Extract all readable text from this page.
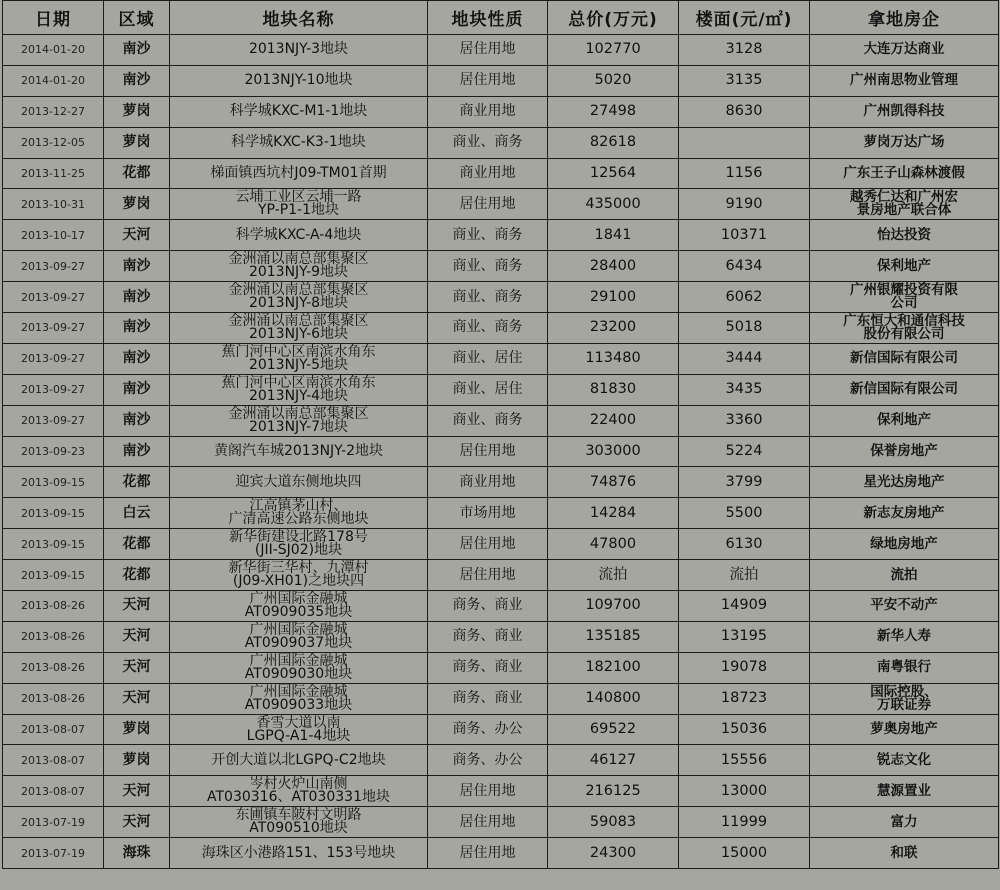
日期	区域	地块名称	地块性质	总价(万元)	楼面(元/㎡)	拿地房企
2014-01-20	南沙	2013NJY-3地块	居住用地	102770	3128	大连万达商业
2014-01-20	南沙	2013NJY-10地块	居住用地	5020	3135	广州南思物业管理
2013-12-27	萝岗	科学城KXC-M1-1地块	商业用地	27498	8630	广州凯得科技
2013-12-05	萝岗	科学城KXC-K3-1地块	商业、商务	82618		萝岗万达广场
2013-11-25	花都	梯面镇西坑村J09-TM01首期	商业用地	12564	1156	广东王子山森林渡假
2013-10-31	萝岗	云埔工业区云埔一路
YP-P1-1地块	居住用地	435000	9190	越秀仁达和广州宏
景房地产联合体
2013-10-17	天河	科学城KXC-A-4地块	商业、商务	1841	10371	怡达投资
2013-09-27	南沙	金洲涌以南总部集聚区
2013NJY-9地块	商业、商务	28400	6434	保利地产
2013-09-27	南沙	金洲涌以南总部集聚区
2013NJY-8地块	商业、商务	29100	6062	广州银耀投资有限
公司
2013-09-27	南沙	金洲涌以南总部集聚区
2013NJY-6地块	商业、商务	23200	5018	广东恒大和通信科技
股份有限公司
2013-09-27	南沙	蕉门河中心区南滨水角东
2013NJY-5地块	商业、居住	113480	3444	新信国际有限公司
2013-09-27	南沙	蕉门河中心区南滨水角东
2013NJY-4地块	商业、居住	81830	3435	新信国际有限公司
2013-09-27	南沙	金洲涌以南总部集聚区
2013NJY-7地块	商业、商务	22400	3360	保利地产
2013-09-23	南沙	黄阁汽车城2013NJY-2地块	居住用地	303000	5224	保誉房地产
2013-09-15	花都	迎宾大道东侧地块四	商业用地	74876	3799	星光达房地产
2013-09-15	白云	江高镇茅山村、
广清高速公路东侧地块	市场用地	14284	5500	新志友房地产
2013-09-15	花都	新华街建设北路178号
(JII-SJ02)地块	居住用地	47800	6130	绿地房地产
2013-09-15	花都	新华街三华村、九潭村
(J09-XH01)之地块四	居住用地	流拍	流拍	流拍
2013-08-26	天河	广州国际金融城
AT0909035地块	商务、商业	109700	14909	平安不动产
2013-08-26	天河	广州国际金融城
AT0909037地块	商务、商业	135185	13195	新华人寿
2013-08-26	天河	广州国际金融城
AT0909030地块	商务、商业	182100	19078	南粤银行
2013-08-26	天河	广州国际金融城
AT0909033地块	商务、商业	140800	18723	国际控股、
万联证券
2013-08-07	萝岗	香雪大道以南
LGPQ-A1-4地块	商务、办公	69522	15036	萝奥房地产
2013-08-07	萝岗	开创大道以北LGPQ-C2地块	商务、办公	46127	15556	锐志文化
2013-08-07	天河	岑村火炉山南侧
AT030316、AT030331地块	居住用地	216125	13000	慧源置业
2013-07-19	天河	东圃镇车陂村文明路
AT090510地块	居住用地	59083	11999	富力
2013-07-19	海珠	海珠区小港路151、153号地块	居住用地	24300	15000	和联
